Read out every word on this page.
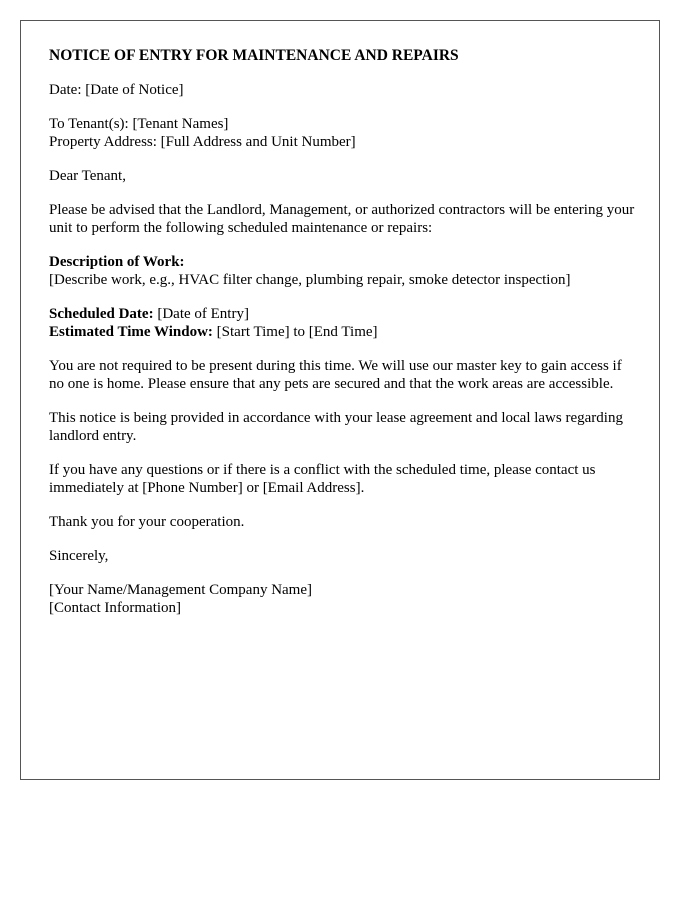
NOTICE OF ENTRY FOR MAINTENANCE AND REPAIRS

Date: [Date of Notice]

To Tenant(s): [Tenant Names]
Property Address: [Full Address and Unit Number]

Dear Tenant,

Please be advised that the Landlord, Management, or authorized contractors will be entering your unit to perform the following scheduled maintenance or repairs:

Description of Work:
[Describe work, e.g., HVAC filter change, plumbing repair, smoke detector inspection]

Scheduled Date: [Date of Entry]
Estimated Time Window: [Start Time] to [End Time]

You are not required to be present during this time. We will use our master key to gain access if no one is home. Please ensure that any pets are secured and that the work areas are accessible.

This notice is being provided in accordance with your lease agreement and local laws regarding landlord entry.

If you have any questions or if there is a conflict with the scheduled time, please contact us immediately at [Phone Number] or [Email Address].

Thank you for your cooperation.

Sincerely,

[Your Name/Management Company Name]
[Contact Information]
